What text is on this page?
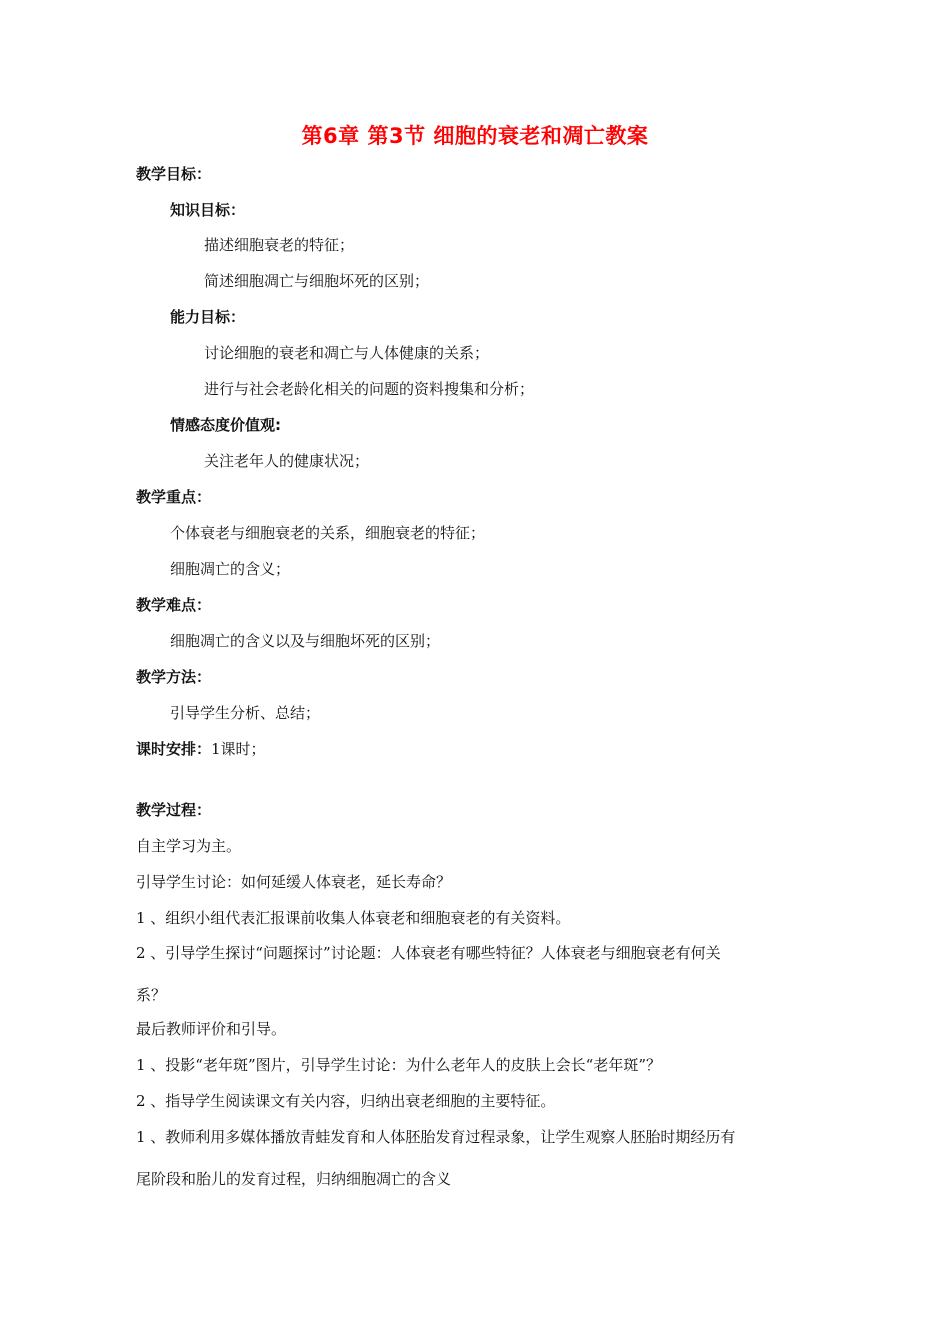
第6章 第3节 细胞的衰老和凋亡教案
教学目标：
知识目标：
描述细胞衰老的特征；
简述细胞凋亡与细胞坏死的区别；
能力目标：
讨论细胞的衰老和凋亡与人体健康的关系；
进行与社会老龄化相关的问题的资料搜集和分析；
情感态度价值观:
关注老年人的健康状况；
教学重点：
个体衰老与细胞衰老的关系，细胞衰老的特征；
细胞凋亡的含义；
教学难点：
细胞凋亡的含义以及与细胞坏死的区别；
教学方法：
引导学生分析、总结；
课时安排：1课时；
教学过程：
自主学习为主。
引导学生讨论：如何延缓人体衰老，延长寿命？
1 、组织小组代表汇报课前收集人体衰老和细胞衰老的有关资料。
2 、引导学生探讨“问题探讨”讨论题：人体衰老有哪些特征？人体衰老与细胞衰老有何关
系？
最后教师评价和引导。
1 、投影“老年斑”图片，引导学生讨论：为什么老年人的皮肤上会长“老年斑”？
2 、指导学生阅读课文有关内容，归纳出衰老细胞的主要特征。
1 、教师利用多媒体播放青蛙发育和人体胚胎发育过程录象，让学生观察人胚胎时期经历有
尾阶段和胎儿的发育过程，归纳细胞凋亡的含义
